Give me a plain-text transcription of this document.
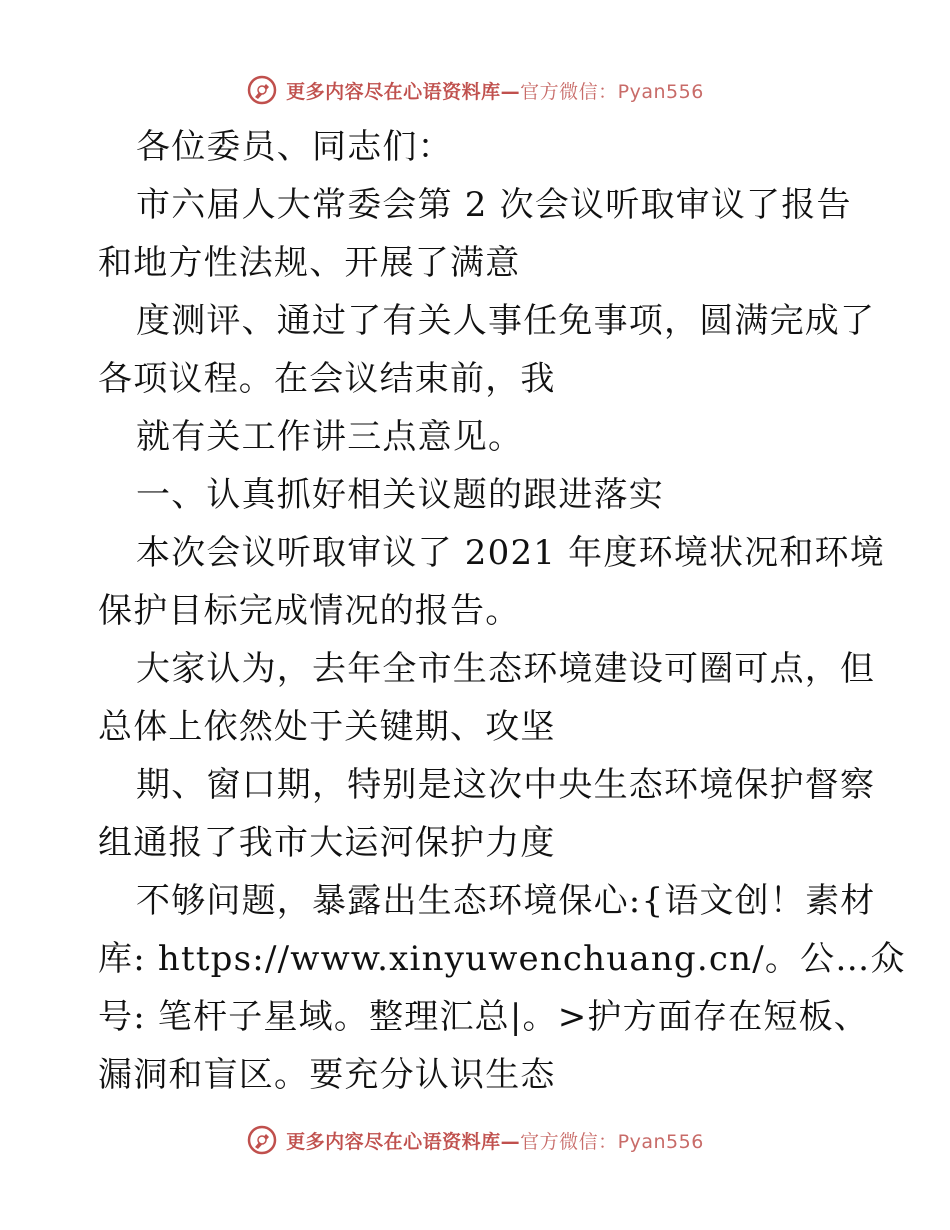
更多内容尽在心语资料库—官方微信：Pyan556
各位委员、同志们：
市六届人大常委会第 2 次会议听取审议了报告
和地方性法规、开展了满意
度测评、通过了有关人事任免事项，圆满完成了
各项议程。在会议结束前，我
就有关工作讲三点意见。
一、认真抓好相关议题的跟进落实
本次会议听取审议了 2021 年度环境状况和环境
保护目标完成情况的报告。
大家认为，去年全市生态环境建设可圈可点，但
总体上依然处于关键期、攻坚
期、窗口期，特别是这次中央生态环境保护督察
组通报了我市大运河保护力度
不够问题，暴露出生态环境保心:{语文创！素材
库: https://www.xinyuwenchuang.cn/。公…众
号: 笔杆子星域。整理汇总|。>护方面存在短板、
漏洞和盲区。要充分认识生态
更多内容尽在心语资料库—官方微信：Pyan556
